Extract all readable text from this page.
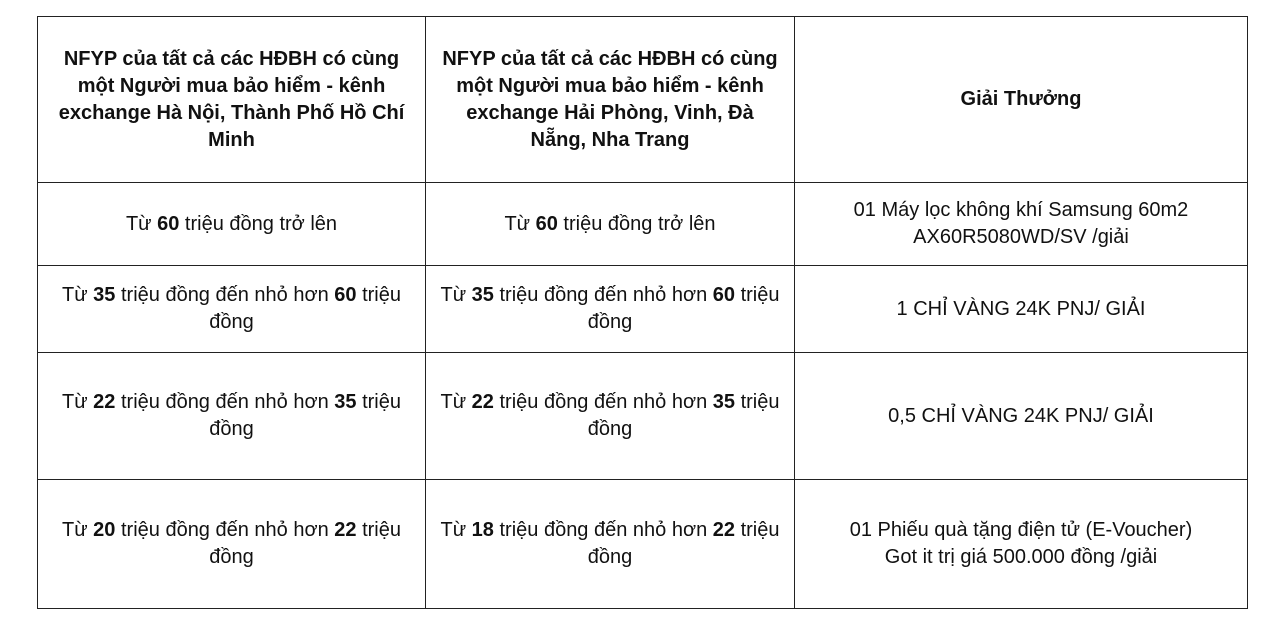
NFYP của tất cả các HĐBH có cùng một Người mua bảo hiểm - kênh exchange Hà Nội, Thành Phố Hồ Chí Minh	NFYP của tất cả các HĐBH có cùng một Người mua bảo hiểm - kênh exchange Hải Phòng, Vinh, Đà Nẵng, Nha Trang	Giải Thưởng
Từ 60 triệu đồng trở lên	Từ 60 triệu đồng trở lên	01 Máy lọc không khí Samsung 60m2
AX60R5080WD/SV /giải

Từ 35 triệu đồng đến nhỏ hơn 60 triệu đồng	Từ 35 triệu đồng đến nhỏ hơn 60 triệu đồng	1 CHỈ VÀNG 24K PNJ/ GIẢI

Từ 22 triệu đồng đến nhỏ hơn 35 triệu đồng	Từ 22 triệu đồng đến nhỏ hơn 35 triệu đồng	0,5 CHỈ VÀNG 24K PNJ/ GIẢI

Từ 20 triệu đồng đến nhỏ hơn 22 triệu đồng	Từ 18 triệu đồng đến nhỏ hơn 22 triệu đồng	01 Phiếu quà tặng điện tử (E-Voucher)
Got it trị giá 500.000 đồng /giải
